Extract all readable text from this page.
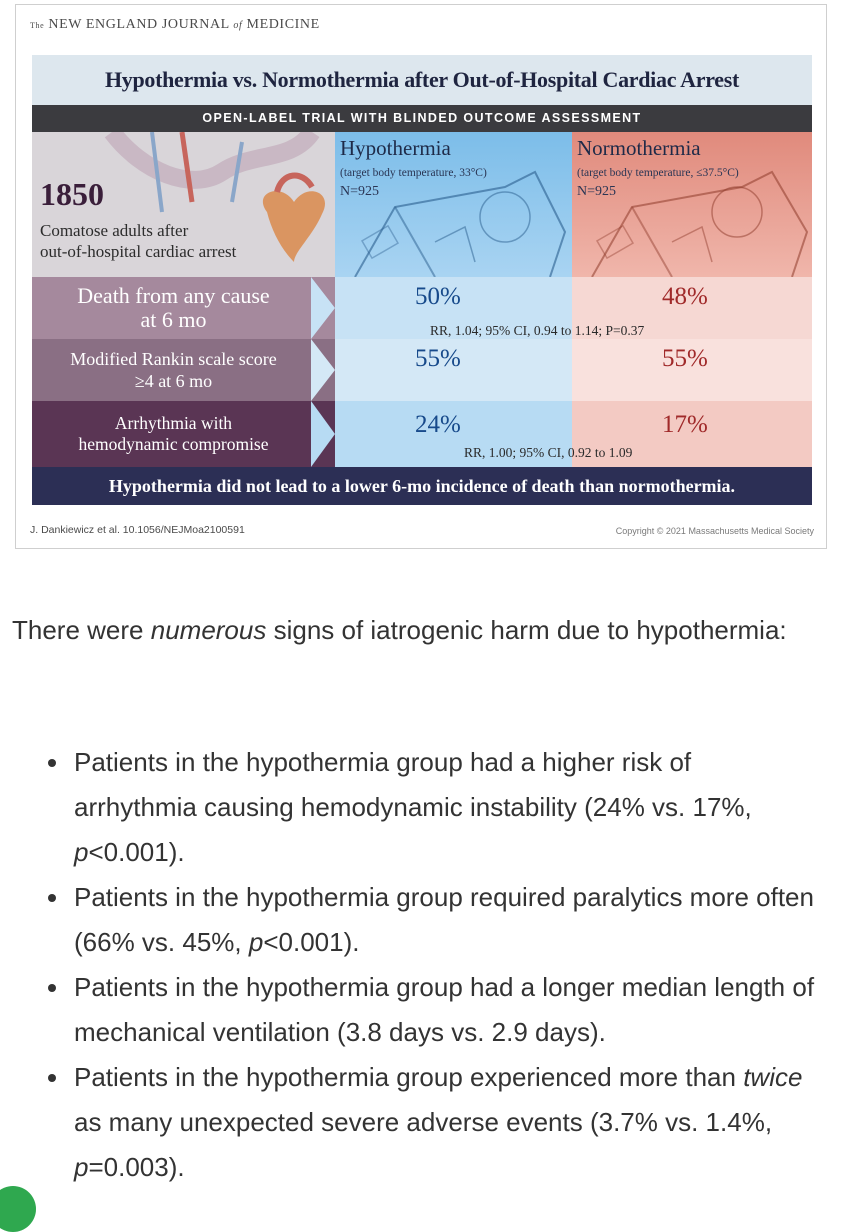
The NEW ENGLAND JOURNAL of MEDICINE
Hypothermia vs. Normothermia after Out-of-Hospital Cardiac Arrest
OPEN-LABEL TRIAL WITH BLINDED OUTCOME ASSESSMENT
1850
Comatose adults after
out-of-hospital cardiac arrest
Hypothermia
(target body temperature, 33°C)
N=925
Normothermia
(target body temperature, ≤37.5°C)
N=925
Death from any cause
at 6 mo
50%	48%
RR, 1.04; 95% CI, 0.94 to 1.14; P=0.37
Modified Rankin scale score
≥4 at 6 mo
55%	55%
Arrhythmia with
hemodynamic compromise
24%	17%
RR, 1.00; 95% CI, 0.92 to 1.09
Hypothermia did not lead to a lower 6-mo incidence of death than normothermia.
J. Dankiewicz et al. 10.1056/NEJMoa2100591	Copyright © 2021 Massachusetts Medical Society
There were numerous signs of iatrogenic harm due to hypothermia:
Patients in the hypothermia group had a higher risk of arrhythmia causing hemodynamic instability (24% vs. 17%, p<0.001).
Patients in the hypothermia group required paralytics more often (66% vs. 45%, p<0.001).
Patients in the hypothermia group had a longer median length of mechanical ventilation (3.8 days vs. 2.9 days).
Patients in the hypothermia group experienced more than twice as many unexpected severe adverse events (3.7% vs. 1.4%, p=0.003).
